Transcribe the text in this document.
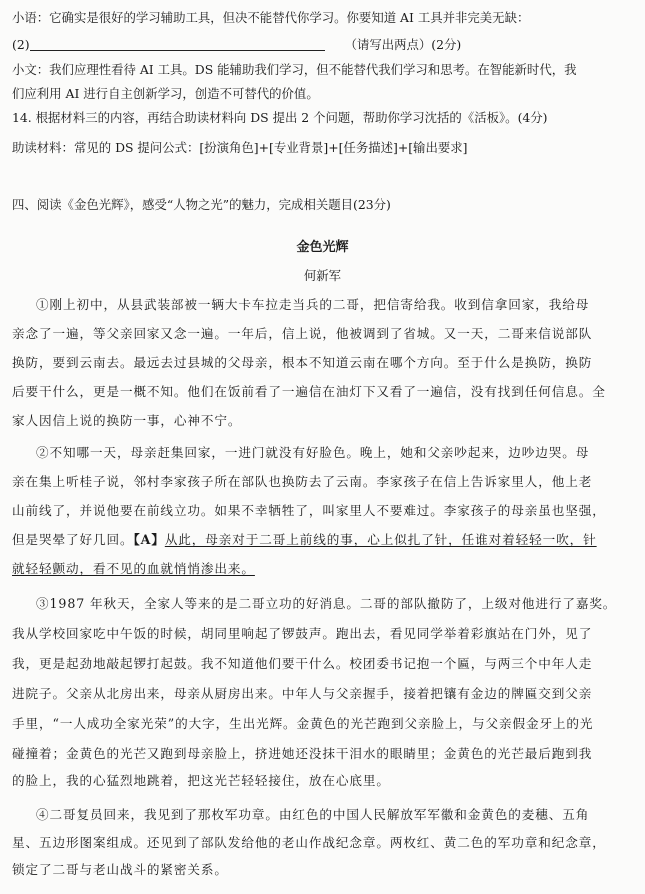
小语：它确实是很好的学习辅助工具，但决不能替代你学习。你要知道 AI 工具并非完美无缺：
(2)	（请写出两点）(2分)
小文：我们应理性看待 AI 工具。DS 能辅助我们学习，但不能替代我们学习和思考。在智能新时代，我
们应利用 AI 进行自主创新学习，创造不可替代的价值。
14. 根据材料三的内容，再结合助读材料向 DS 提出 2 个问题，帮助你学习沈括的《活板》。(4分)
助读材料：常见的 DS 提问公式：[扮演角色]+[专业背景]+[任务描述]+[输出要求]
四、阅读《金色光辉》，感受“人物之光”的魅力，完成相关题目(23分)
金色光辉
何新军
①刚上初中，从县武装部被一辆大卡车拉走当兵的二哥，把信寄给我。收到信拿回家，我给母
亲念了一遍，等父亲回家又念一遍。一年后，信上说，他被调到了省城。又一天，二哥来信说部队
换防，要到云南去。最远去过县城的父母亲，根本不知道云南在哪个方向。至于什么是换防，换防
后要干什么，更是一概不知。他们在饭前看了一遍信在油灯下又看了一遍信，没有找到任何信息。全
家人因信上说的换防一事，心神不宁。
②不知哪一天，母亲赶集回家，一进门就没有好脸色。晚上，她和父亲吵起来，边吵边哭。母
亲在集上听桂子说，邻村李家孩子所在部队也换防去了云南。李家孩子在信上告诉家里人，他上老
山前线了，并说他要在前线立功。如果不幸牺牲了，叫家里人不要难过。李家孩子的母亲虽也坚强，
但是哭晕了好几回。【A】从此，母亲对于二哥上前线的事，心上似扎了针，任谁对着轻轻一吹，针
就轻轻颤动，看不见的血就悄悄渗出来。
③1987 年秋天，全家人等来的是二哥立功的好消息。二哥的部队撤防了，上级对他进行了嘉奖。
我从学校回家吃中午饭的时候，胡同里响起了锣鼓声。跑出去，看见同学举着彩旗站在门外，见了
我，更是起劲地敲起锣打起鼓。我不知道他们要干什么。校团委书记抱一个匾，与两三个中年人走
进院子。父亲从北房出来，母亲从厨房出来。中年人与父亲握手，接着把镶有金边的牌匾交到父亲
手里，“一人成功全家光荣”的大字，生出光辉。金黄色的光芒跑到父亲脸上，与父亲假金牙上的光
碰撞着；金黄色的光芒又跑到母亲脸上，挤进她还没抹干泪水的眼睛里；金黄色的光芒最后跑到我
的脸上，我的心猛烈地跳着，把这光芒轻轻接住，放在心底里。
④二哥复员回来，我见到了那枚军功章。由红色的中国人民解放军军徽和金黄色的麦穗、五角
星、五边形图案组成。还见到了部队发给他的老山作战纪念章。两枚红、黄二色的军功章和纪念章，
锁定了二哥与老山战斗的紧密关系。
